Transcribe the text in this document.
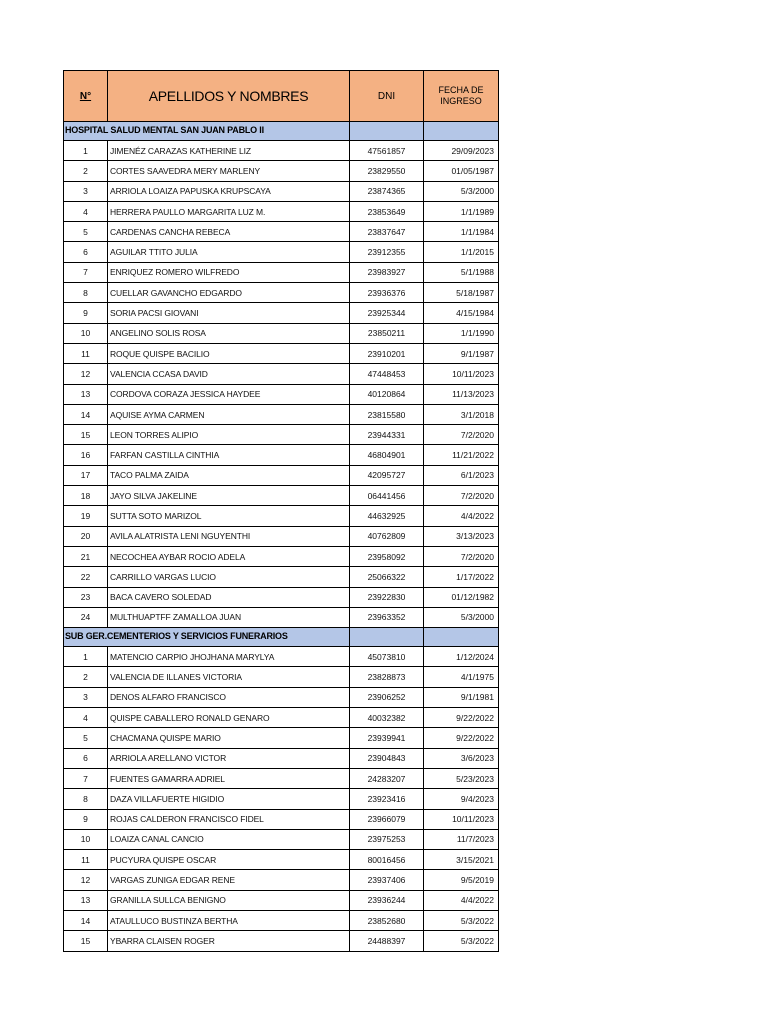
N°	APELLIDOS Y NOMBRES	DNI	FECHA DE
INGRESO

HOSPITAL SALUD MENTAL SAN JUAN PABLO II			

1	JIMENÉZ CARAZAS KATHERINE LIZ	47561857	29/09/2023
2	CORTES SAAVEDRA MERY MARLENY	23829550	01/05/1987
3	ARRIOLA LOAIZA PAPUSKA KRUPSCAYA	23874365	5/3/2000
4	HERRERA PAULLO MARGARITA LUZ M.	23853649	1/1/1989
5	CARDENAS CANCHA REBECA	23837647	1/1/1984
6	AGUILAR TTITO JULIA	23912355	1/1/2015
7	ENRIQUEZ ROMERO WILFREDO	23983927	5/1/1988
8	CUELLAR GAVANCHO EDGARDO	23936376	5/18/1987
9	SORIA PACSI GIOVANI	23925344	4/15/1984
10	ANGELINO SOLIS ROSA	23850211	1/1/1990
11	ROQUE QUISPE BACILIO	23910201	9/1/1987
12	VALENCIA CCASA DAVID	47448453	10/11/2023
13	CORDOVA CORAZA JESSICA HAYDEE	40120864	11/13/2023
14	AQUISE AYMA CARMEN	23815580	3/1/2018
15	LEON TORRES ALIPIO	23944331	7/2/2020
16	FARFAN CASTILLA CINTHIA	46804901	11/21/2022
17	TACO PALMA ZAIDA	42095727	6/1/2023
18	JAYO SILVA JAKELINE	06441456	7/2/2020
19	SUTTA SOTO MARIZOL	44632925	4/4/2022
20	AVILA ALATRISTA LENI NGUYENTHI	40762809	3/13/2023
21	NECOCHEA AYBAR ROCIO ADELA	23958092	7/2/2020
22	CARRILLO VARGAS LUCIO	25066322	1/17/2022
23	BACA CAVERO SOLEDAD	23922830	01/12/1982
24	MULTHUAPTFF ZAMALLOA JUAN	23963352	5/3/2000

SUB GER.CEMENTERIOS Y SERVICIOS FUNERARIOS			

1	MATENCIO CARPIO JHOJHANA MARYLYA	45073810	1/12/2024
2	VALENCIA DE ILLANES VICTORIA	23828873	4/1/1975
3	DENOS ALFARO FRANCISCO	23906252	9/1/1981
4	QUISPE CABALLERO RONALD GENARO	40032382	9/22/2022
5	CHACMANA QUISPE MARIO	23939941	9/22/2022
6	ARRIOLA ARELLANO VICTOR	23904843	3/6/2023
7	FUENTES GAMARRA ADRIEL	24283207	5/23/2023
8	DAZA VILLAFUERTE HIGIDIO	23923416	9/4/2023
9	ROJAS CALDERON FRANCISCO FIDEL	23966079	10/11/2023
10	LOAIZA CANAL CANCIO	23975253	11/7/2023
11	PUCYURA QUISPE OSCAR	80016456	3/15/2021
12	VARGAS ZUNIGA EDGAR RENE	23937406	9/5/2019
13	GRANILLA SULLCA BENIGNO	23936244	4/4/2022
14	ATAULLUCO BUSTINZA BERTHA	23852680	5/3/2022
15	YBARRA CLAISEN ROGER	24488397	5/3/2022
